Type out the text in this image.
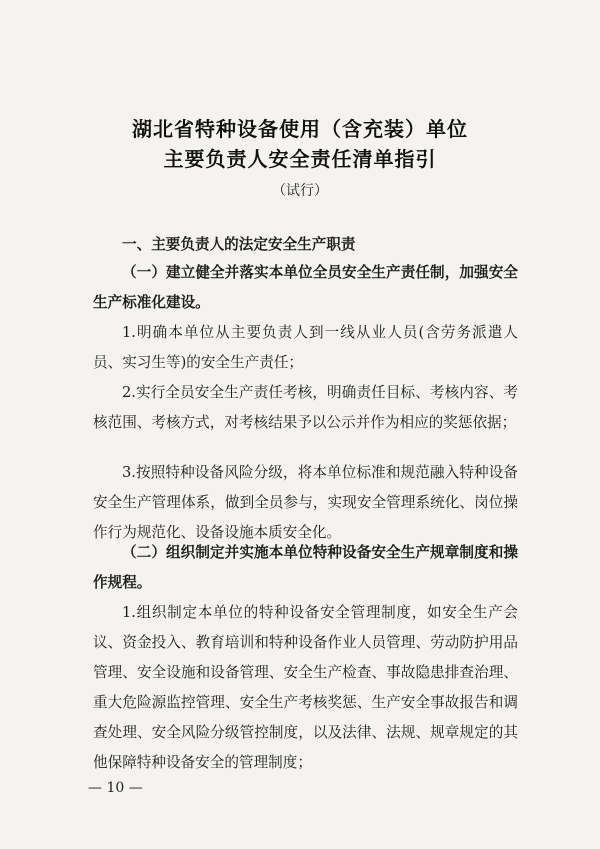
湖北省特种设备使用（含充装）单位
主要负责人安全责任清单指引
（试行）
一、主要负责人的法定安全生产职责
（一）建立健全并落实本单位全员安全生产责任制，加强安全生产标准化建设。
1.明确本单位从主要负责人到一线从业人员(含劳务派遣人员、实习生等)的安全生产责任；
2.实行全员安全生产责任考核，明确责任目标、考核内容、考核范围、考核方式，对考核结果予以公示并作为相应的奖惩依据；
3.按照特种设备风险分级，将本单位标准和规范融入特种设备安全生产管理体系，做到全员参与，实现安全管理系统化、岗位操作行为规范化、设备设施本质安全化。
（二）组织制定并实施本单位特种设备安全生产规章制度和操作规程。
1.组织制定本单位的特种设备安全管理制度，如安全生产会议、资金投入、教育培训和特种设备作业人员管理、劳动防护用品管理、安全设施和设备管理、安全生产检查、事故隐患排查治理、重大危险源监控管理、安全生产考核奖惩、生产安全事故报告和调查处理、安全风险分级管控制度，以及法律、法规、规章规定的其他保障特种设备安全的管理制度；
— 10 —
